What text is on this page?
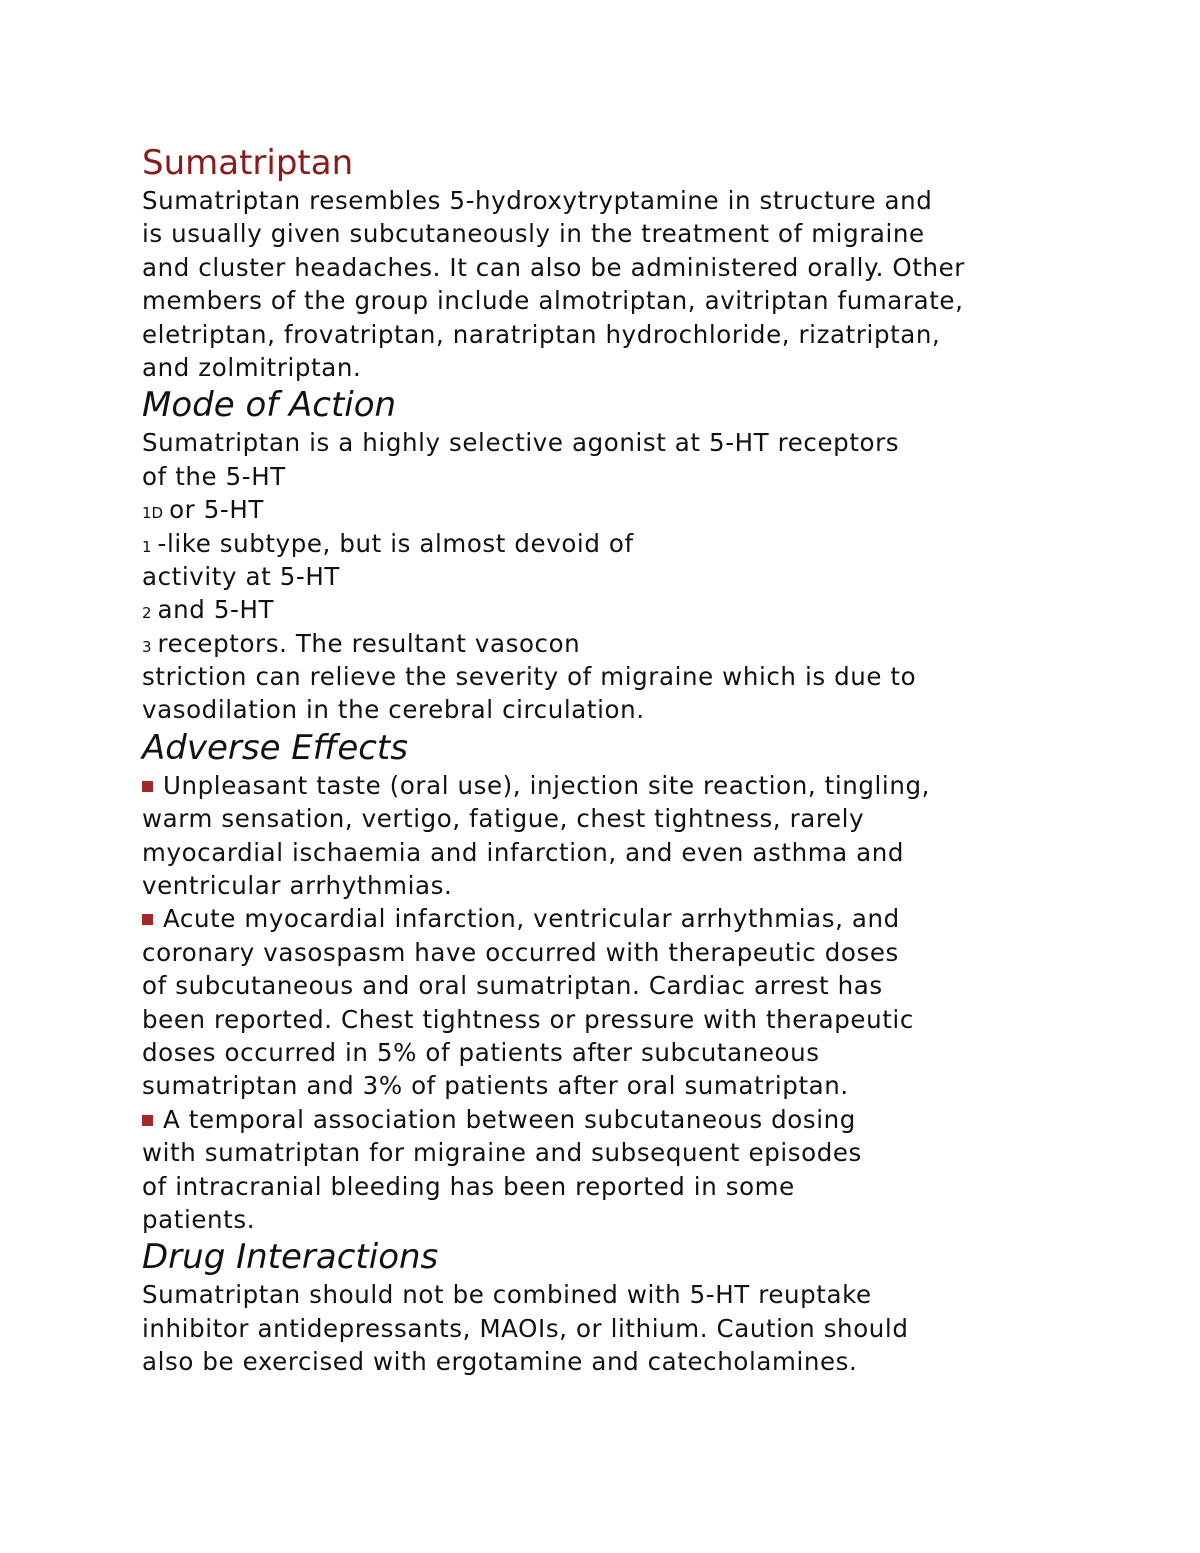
Sumatriptan
Sumatriptan resembles 5-hydroxytryptamine in structure and
is usually given subcutaneously in the treatment of migraine
and cluster headaches. It can also be administered orally. Other
members of the group include almotriptan, avitriptan fumarate,
eletriptan, frovatriptan, naratriptan hydrochloride, rizatriptan,
and zolmitriptan.
Mode of Action
Sumatriptan is a highly selective agonist at 5-HT receptors
of the 5-HT
1D or 5-HT
1 -like subtype, but is almost devoid of
activity at 5-HT
2 and 5-HT
3 receptors. The resultant vasocon
striction can relieve the severity of migraine which is due to
vasodilation in the cerebral circulation.
Adverse Effects
Unpleasant taste (oral use), injection site reaction, tingling,
warm sensation, vertigo, fatigue, chest tightness, rarely
myocardial ischaemia and infarction, and even asthma and
ventricular arrhythmias.
Acute myocardial infarction, ventricular arrhythmias, and
coronary vasospasm have occurred with therapeutic doses
of subcutaneous and oral sumatriptan. Cardiac arrest has
been reported. Chest tightness or pressure with therapeutic
doses occurred in 5% of patients after subcutaneous
sumatriptan and 3% of patients after oral sumatriptan.
A temporal association between subcutaneous dosing
with sumatriptan for migraine and subsequent episodes
of intracranial bleeding has been reported in some
patients.
Drug Interactions
Sumatriptan should not be combined with 5-HT reuptake
inhibitor antidepressants, MAOIs, or lithium. Caution should
also be exercised with ergotamine and catecholamines.
